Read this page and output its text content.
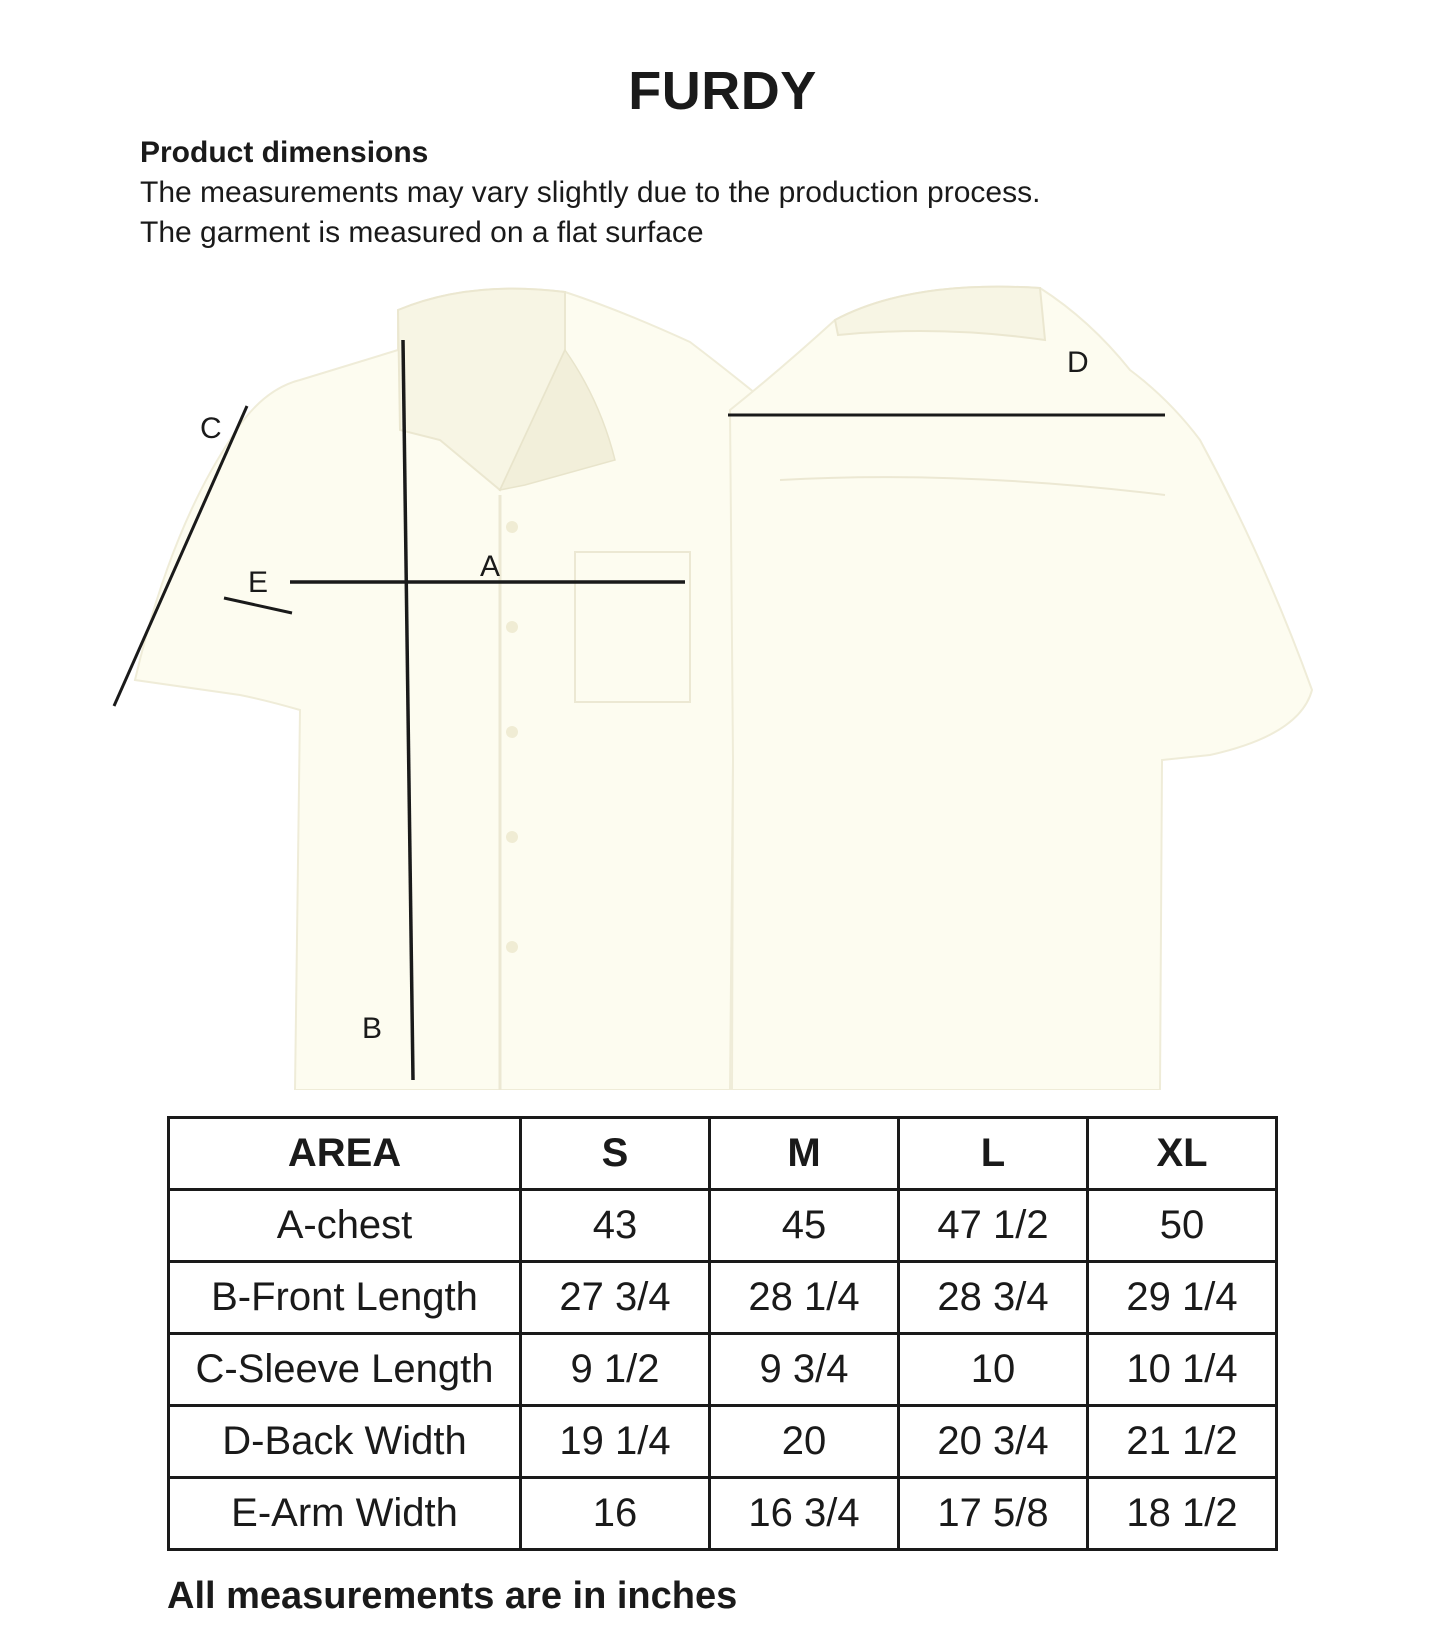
FURDY
Product dimensions
The measurements may vary slightly due to the production process.
The garment is measured on a flat surface
A
B
C
D
E
AREA	S	M	L	XL
A-chest	43	45	47 1/2	50
B-Front Length	27 3/4	28 1/4	28 3/4	29 1/4
C-Sleeve Length	9 1/2	9 3/4	10	10 1/4
D-Back Width	19 1/4	20	20 3/4	21 1/2
E-Arm Width	16	16 3/4	17 5/8	18 1/2
All measurements are in inches
